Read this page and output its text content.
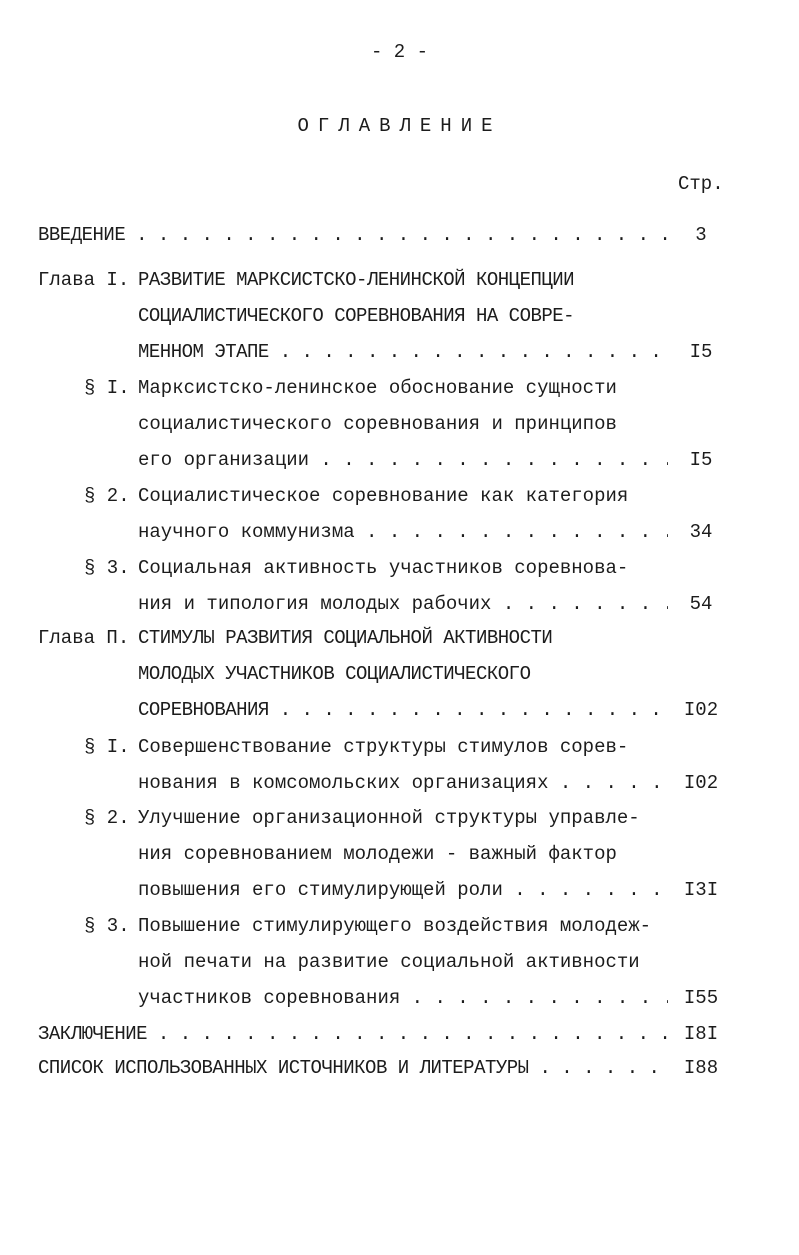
- 2 -
ОГЛАВЛЕНИЕ
Стр.
ВВЕДЕНИЕ . . .	3
Глава I. РАЗВИТИЕ МАРКСИСТСКО-ЛЕНИНСКОЙ КОНЦЕПЦИИ
СОЦИАЛИСТИЧЕСКОГО СОРЕВНОВАНИЯ НА СОВРЕ-
МЕННОМ ЭТАПЕ . . .	I5
§ I. Марксистско-ленинское обоснование сущности
социалистического соревнования и принципов
его организации . . .	I5
§ 2. Социалистическое соревнование как категория
научного коммунизма . . .	34
§ 3. Социальная активность участников соревнова-
ния и типология молодых рабочих . . .	54
Глава П. СТИМУЛЫ РАЗВИТИЯ СОЦИАЛЬНОЙ АКТИВНОСТИ
МОЛОДЫХ УЧАСТНИКОВ СОЦИАЛИСТИЧЕСКОГО
СОРЕВНОВАНИЯ . . .	I02
§ I. Совершенствование структуры стимулов сорев-
нования в комсомольских организациях . . .	I02
§ 2. Улучшение организационной структуры управле-
ния соревнованием молодежи - важный фактор
повышения его стимулирующей роли . . .	I3I
§ 3. Повышение стимулирующего воздействия молодеж-
ной печати на развитие социальной активности
участников соревнования . . .	I55
ЗАКЛЮЧЕНИЕ . . .	I8I
СПИСОК ИСПОЛЬЗОВАННЫХ ИСТОЧНИКОВ И ЛИТЕРАТУРЫ . . .	I88
